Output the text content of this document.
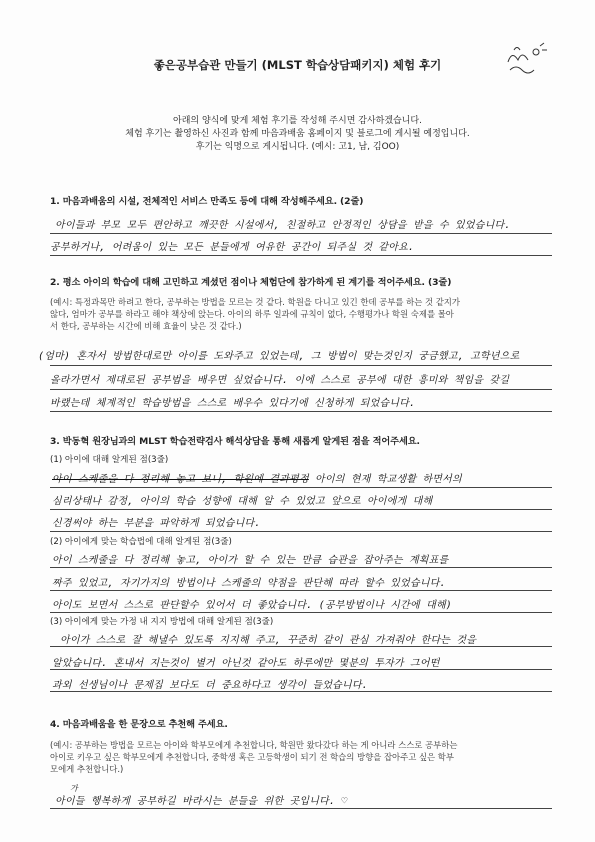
좋은공부습관 만들기 (MLST 학습상담패키지) 체험 후기
아래의 양식에 맞게 체험 후기를 작성해 주시면 감사하겠습니다.
체험 후기는 촬영하신 사진과 함께 마음과배움 홈페이지 및 블로그에 게시될 예정입니다.
후기는 익명으로 게시됩니다. (예시: 고1, 남, 김OO)
1. 마음과배움의 시설, 전체적인 서비스 만족도 등에 대해 작성해주세요. (2줄)
아이들과 부모 모두 편안하고 깨끗한 시설에서, 친절하고 안정적인 상담을 받을 수 있었습니다.
공부하거나, 어려움이 있는 모든 분들에게 여유한 공간이 되주실 것 같아요.
2. 평소 아이의 학습에 대해 고민하고 계셨던 점이나 체험단에 참가하게 된 계기를 적어주세요. (3줄)
(예시: 특정과목만 하려고 한다, 공부하는 방법을 모르는 것 같다. 학원을 다니고 있긴 한데 공부를 하는 것 같지가
않다, 엄마가 공부를 하라고 해야 책상에 앉는다. 아이의 하루 일과에 규칙이 없다, 수행평가나 학원 숙제를 몰아
서 한다, 공부하는 시간에 비해 효율이 낮은 것 같다.)
(엄마) 혼자서 방법한대로만 아이를 도와주고 있었는데, 그 방법이 맞는것인지 궁금했고, 고학년으로
올라가면서 제대로된 공부법을 배우면 싶었습니다. 이에 스스로 공부에 대한 흥미와 책임을 갖길
바랬는데 체계적인 학습방법을 스스로 배우수 있다기에 신청하게 되었습니다.
3. 박동혁 원장님과의 MLST 학습전략검사 해석상담을 통해 새롭게 알게된 점을 적어주세요.
(1) 아이에 대해 알게된 점(3줄)
아이 스케줄을 다 정리해 놓고 보니, 학원에 결과평정 아이의 현재 학교생활 하면서의
심리상태나 감정, 아이의 학습 성향에 대해 알 수 있었고 앞으로 아이에게 대해
신경써야 하는 부분을 파악하게 되었습니다.
(2) 아이에게 맞는 학습법에 대해 알게된 점(3줄)
아이 스케줄을 다 정리해 놓고, 아이가 할 수 있는 만큼 습관을 잡아주는 계획표를
짜주 있었고, 자기가지의 방법이나 스케줄의 약점을 판단해 따라 할수 있었습니다.
아이도 보면서 스스로 판단할수 있어서 더 좋았습니다. (공부방법이나 시간에 대해)
(3) 아이에게 맞는 가정 내 지지 방법에 대해 알게된 점(3줄)
아이가 스스로 잘 해낼수 있도록 지지해 주고, 꾸준히 같이 관심 가져줘야 한다는 것을
알았습니다. 혼내서 지는것이 별거 아닌것 같아도 하루에만 몇분의 투자가 그어떤
과외 선생님이나 문제집 보다도 더 중요하다고 생각이 들었습니다.
4. 마음과배움을 한 문장으로 추천해 주세요.
(예시: 공부하는 방법을 모르는 아이와 학부모에게 추천합니다, 학원만 왔다갔다 하는 게 아니라 스스로 공부하는
아이로 키우고 싶은 학부모에게 추천합니다, 중학생 혹은 고등학생이 되기 전 학습의 방향을 잡아주고 싶은 학부
모에게 추천합니다.)
가
아이들 행복하게 공부하길 바라시는 분들을 위한 곳입니다. ♡
